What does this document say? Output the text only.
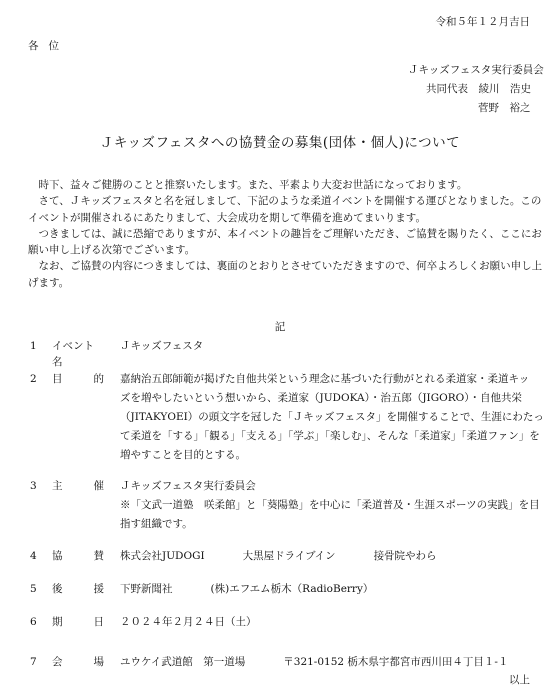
令和５年１２月吉日
各位
Ｊキッズフェスタ実行委員会
共同代表　綾川　浩史
菅野　裕之
Ｊキッズフェスタへの協賛金の募集(団体・個人)について

時下、益々ご健勝のことと推察いたします。また、平素より大変お世話になっております。

さて、Ｊキッズフェスタと名を冠しまして、下記のような柔道イベントを開催する運びとなりました。このイベントが開催されるにあたりまして、大会成功を期して準備を進めてまいります。

つきましては、誠に恐縮でありますが、本イベントの趣旨をご理解いただき、ご協賛を賜りたく、ここにお願い申し上げる次第でございます。

なお、ご協賛の内容につきましては、裏面のとおりとさせていただきますので、何卒よろしくお願い申し上げます。

記
1 イベント名
Ｊキッズフェスタ
2 目	的 嘉納治五郎師範が掲げた自他共栄という理念に基づいた行動がとれる柔道家・柔道キッ
ズを増やしたいという想いから、柔道家（JUDOKA）・治五郎（JIGORO）・自他共栄
（JITAKYOEI）の頭文字を冠した「Ｊキッズフェスタ」を開催することで、生涯にわたっ
て柔道を「する」「観る」「支える」「学ぶ」「楽しむ」、そんな「柔道家」「柔道ファン」を
増やすことを目的とする。
3 主	催 Ｊキッズフェスタ実行委員会
※「文武一道塾　咲柔館」と「葵陽塾」を中心に「柔道普及・生涯スポーツの実践」を目
指す組織です。
4 協	賛 株式会社JUDOGI	大黒屋ドライブイン	接骨院やわら
5 後	援 下野新聞社	(株)エフエム栃木（RadioBerry）
6 期	日 ２０２４年２月２４日（土）
7 会	場 ユウケイ武道館　第一道場	〒321-0152 栃木県宇都宮市西川田４丁目１-１
以上
